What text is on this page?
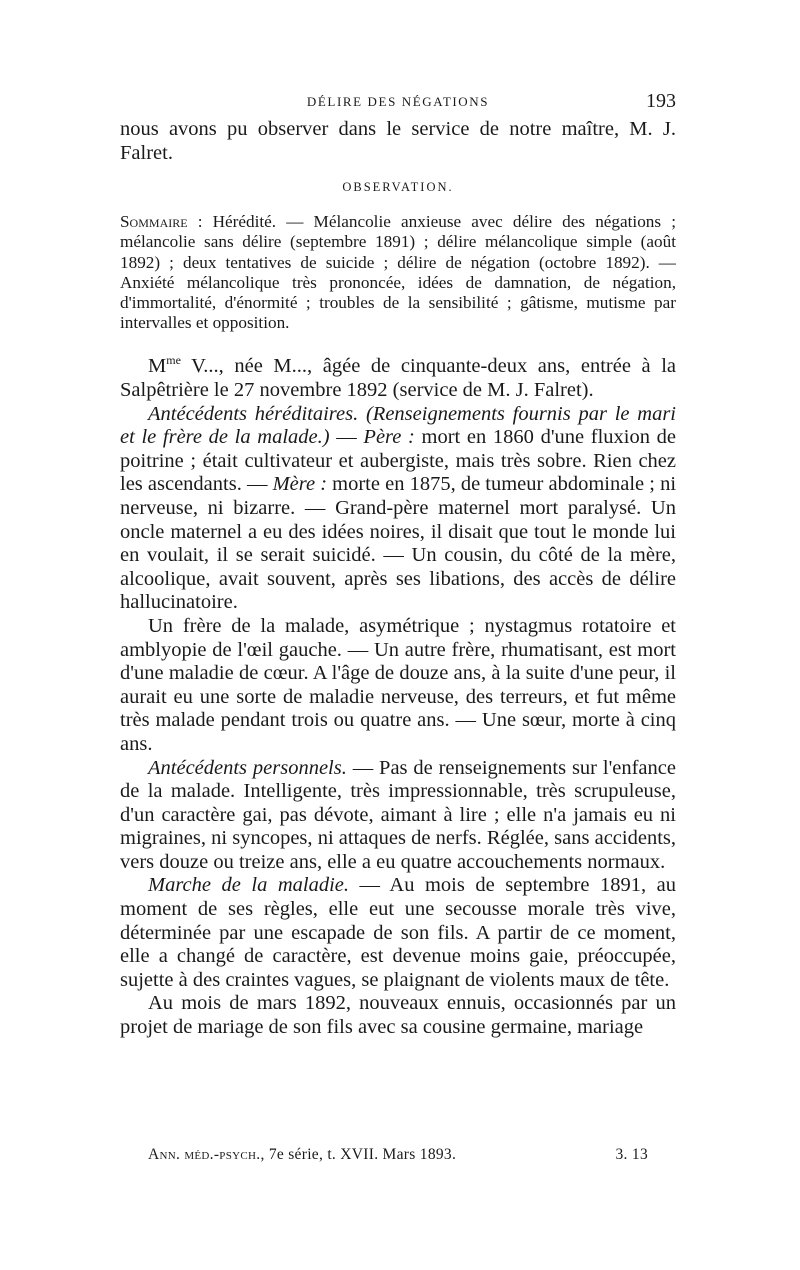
DÉLIRE DES NÉGATIONS	193

nous avons pu observer dans le service de notre maître, M. J. Falret.

OBSERVATION.
Sommaire : Hérédité. — Mélancolie anxieuse avec délire des négations ; mélancolie sans délire (septembre 1891) ; délire mélancolique simple (août 1892) ; deux tentatives de suicide ; délire de négation (octobre 1892). — Anxiété mélancolique très prononcée, idées de damnation, de négation, d'immortalité, d'énormité ; troubles de la sensibilité ; gâtisme, mutisme par intervalles et opposition.

$M^{me}$ V..., née M..., âgée de cinquante-deux ans, entrée à la Salpêtrière le 27 novembre 1892 (service de M. J. Falret).

Antécédents héréditaires. (Renseignements fournis par le mari et le frère de la malade.) — Père : mort en 1860 d'une fluxion de poitrine ; était cultivateur et aubergiste, mais très sobre. Rien chez les ascendants. — Mère : morte en 1875, de tumeur abdominale ; ni nerveuse, ni bizarre. — Grand-père maternel mort paralysé. Un oncle maternel a eu des idées noires, il disait que tout le monde lui en voulait, il se serait suicidé. — Un cousin, du côté de la mère, alcoolique, avait souvent, après ses libations, des accès de délire hallucinatoire.

Un frère de la malade, asymétrique ; nystagmus rotatoire et amblyopie de l'œil gauche. — Un autre frère, rhumatisant, est mort d'une maladie de cœur. A l'âge de douze ans, à la suite d'une peur, il aurait eu une sorte de maladie nerveuse, des terreurs, et fut même très malade pendant trois ou quatre ans. — Une sœur, morte à cinq ans.

Antécédents personnels. — Pas de renseignements sur l'enfance de la malade. Intelligente, très impressionnable, très scrupuleuse, d'un caractère gai, pas dévote, aimant à lire ; elle n'a jamais eu ni migraines, ni syncopes, ni attaques de nerfs. Réglée, sans accidents, vers douze ou treize ans, elle a eu quatre accouchements normaux.

Marche de la maladie. — Au mois de septembre 1891, au moment de ses règles, elle eut une secousse morale très vive, déterminée par une escapade de son fils. A partir de ce moment, elle a changé de caractère, est devenue moins gaie, préoccupée, sujette à des craintes vagues, se plaignant de violents maux de tête.

Au mois de mars 1892, nouveaux ennuis, occasionnés par un projet de mariage de son fils avec sa cousine germaine, mariage

Ann. méd.-psych., 7e série, t. XVII. Mars 1893.	3. 13
